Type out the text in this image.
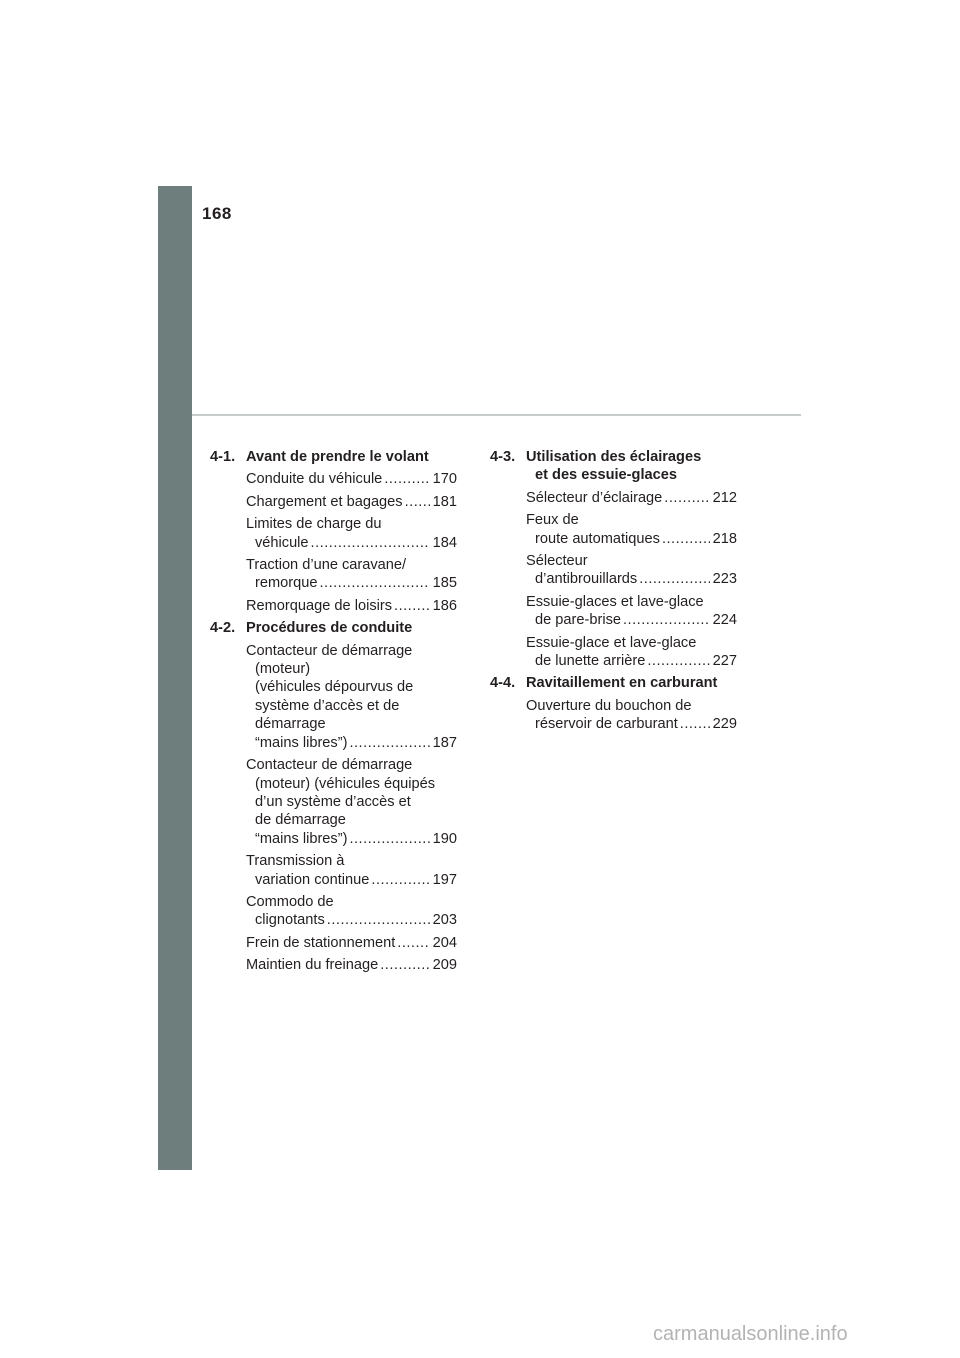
168
4-1. Avant de prendre le volant
Conduite du véhicule .....	170
Chargement et bagages ..... 181
Limites de charge du
véhicule .....	184
Traction d’une caravane/
remorque .....	185
Remorquage de loisirs .....	186
4-2. Procédures de conduite
Contacteur de démarrage
(moteur)
(véhicules dépourvus de
système d’accès et de
démarrage
“mains libres”) .....	187
Contacteur de démarrage
(moteur) (véhicules équipés
d’un système d’accès et
de démarrage
“mains libres”) .....	190
Transmission à
variation continue .....	197
Commodo de
clignotants .....	203
Frein de stationnement .....	204
Maintien du freinage .....	209
4-3. Utilisation des éclairages
et des essuie-glaces
Sélecteur d’éclairage .....	212
Feux de
route automatiques .....	218
Sélecteur
d’antibrouillards .....	223
Essuie-glaces et lave-glace
de pare-brise .....	224
Essuie-glace et lave-glace
de lunette arrière .....	227
4-4. Ravitaillement en carburant
Ouverture du bouchon de
réservoir de carburant ..... 229
carmanualsonline.info
